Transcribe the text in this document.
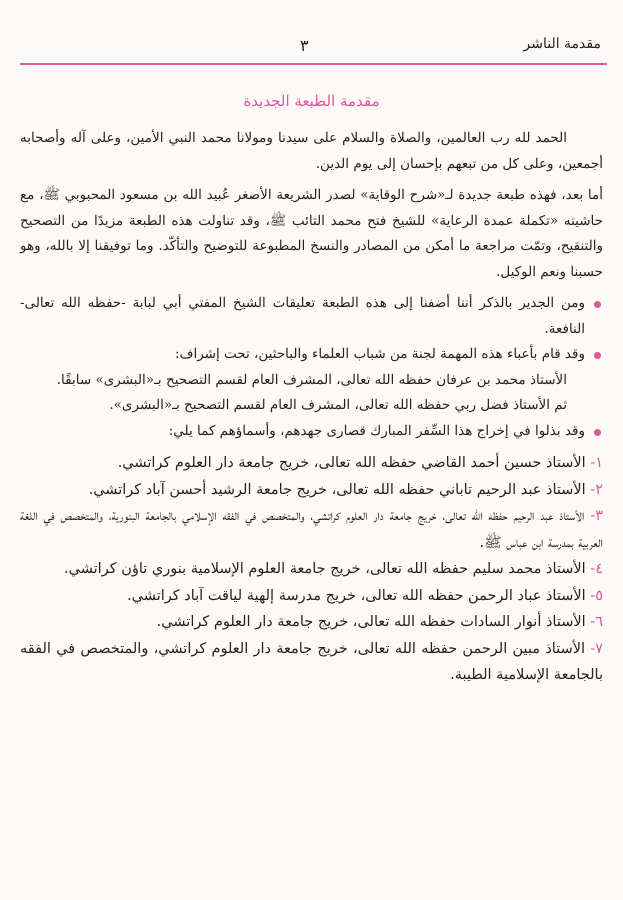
مقدمة الناشر
٣
مقدمة الطبعة الجديدة

الحمد لله رب العالمين، والصلاة والسلام على سيدنا ومولانا محمد النبي الأمين، وعلى آله وأصحابه أجمعين، وعلى كل من تبعهم بإحسان إلى يوم الدين.

أما بعد، فهذه طبعة جديدة لـ«شرح الوقاية» لصدر الشريعة الأصغر عُبيد الله بن مسعود المحبوبي ﷺ، مع حاشيته «تكملة عمدة الرعاية» للشيخ فتح محمد التائب ﷺ، وقد تناولت هذه الطبعة مزيدًا من التصحيح والتنقيح، وتمّت مراجعة ما أمكن من المصادر والنسخ المطبوعة للتوضيح والتأكّد. وما توفيقنا إلا بالله، وهو حسبنا ونعم الوكيل.

ومن الجدير بالذكر أننا أضفنا إلى هذه الطبعة تعليقات الشيخ المفتي أبي لبابة -حفظه الله تعالى- النافعة.
وقد قام بأعباء هذه المهمة لجنة من شباب العلماء والباحثين، تحت إشراف:

الأستاذ محمد بن عرفان حفظه الله تعالى، المشرف العام لقسم التصحيح بـ«البشرى» سابقًا.

ثم الأستاذ فضل ربي حفظه الله تعالى، المشرف العام لقسم التصحيح بـ«البشرى».

وقد بذلوا في إخراج هذا السِّفر المبارك قصارى جهدهم، وأسماؤهم كما يلي:
١- الأستاذ حسين أحمد القاضي حفظه الله تعالى، خريج جامعة دار العلوم كراتشي.
٢- الأستاذ عبد الرحيم تاباني حفظه الله تعالى، خريج جامعة الرشيد أحسن آباد كراتشي.
٣- الأستاذ عبد الرحيم حفظه الله تعالى، خريج جامعة دار العلوم كراتشي، والمتخصص في الفقه الإسلامي بالجامعة البنورية، والمتخصص في اللغة العربية بمدرسة ابن عباس ﷺ.
٤- الأستاذ محمد سليم حفظه الله تعالى، خريج جامعة العلوم الإسلامية بنوري تاؤن كراتشي.
٥- الأستاذ عباد الرحمن حفظه الله تعالى، خريج مدرسة إلهية لياقت آباد كراتشي.
٦- الأستاذ أنوار السادات حفظه الله تعالى، خريج جامعة دار العلوم كراتشي.
٧- الأستاذ مبين الرحمن حفظه الله تعالى، خريج جامعة دار العلوم كراتشي، والمتخصص في الفقه بالجامعة الإسلامية الطيبة.
